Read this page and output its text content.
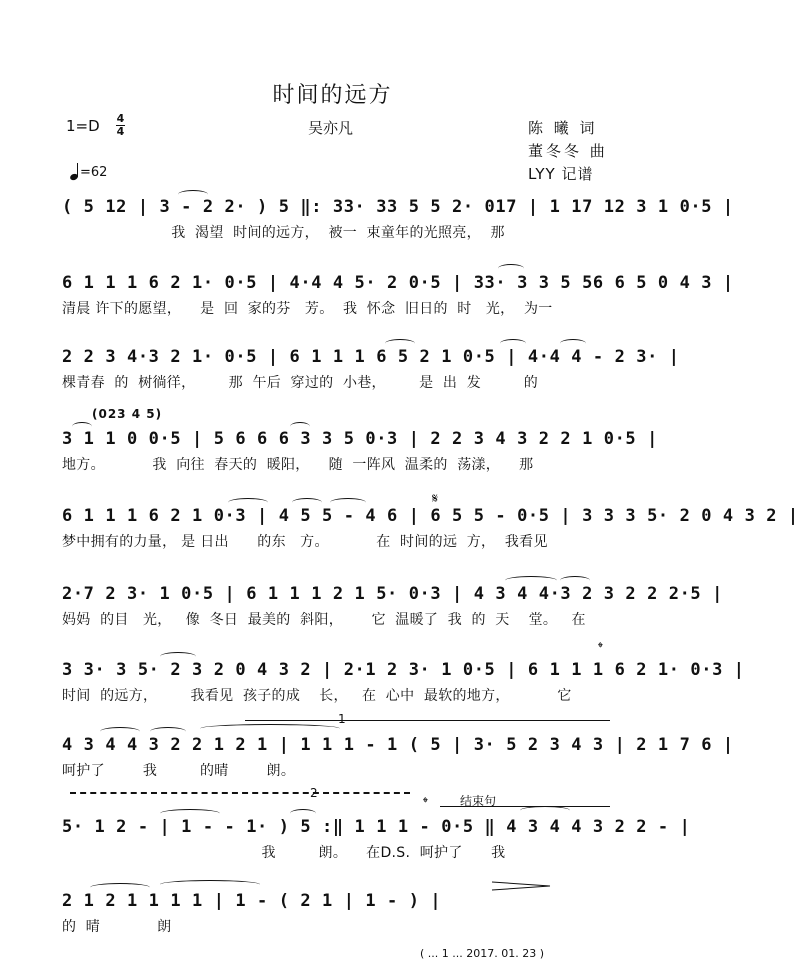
时间的远方
1=D 4
4	吴亦凡	陈 曦 词
董冬冬 曲
LYY 记谱
=62
( 5 12 | 3 - 2 2· ) 5 ‖: 33· 33 5 5 2· 017 | 1 17 12 3 1 0·5 |
我  渴望  时间的远方，  被一  束童年的光照亮，  那
6 1 1 1 6 2 1· 0·5 | 4·4 4 5· 2 0·5 | 33· 3 3 5 56 6 5 0 4 3 |
清晨 许下的愿望，    是  回  家的芬   芳。  我  怀念  旧日的  时   光，  为一
2 2 3 4·3 2 1· 0·5 | 6 1 1 1 6 5 2 1 0·5 | 4·4 4 - 2 3· |
棵青春  的  树徜徉，       那  午后  穿过的  小巷，       是  出  发         的
(023 4 5)
3 1 1 0 0·5 | 5 6 6 6 3 3 5 0·3 | 2 2 3 4 3 2 2 1 0·5 |
地方。          我  向往  春天的  暖阳，    随  一阵风  温柔的  荡漾，    那
𝄋
6 1 1 1 6 2 1 0·3 | 4 5 5 - 4 6 | 6 5 5 - 0·5 | 3 3 3 5· 2 0 4 3 2 |
梦中拥有的力量， 是 日出      的东   方。          在  时间的远  方，  我看见
2·7 2 3· 1 0·5 | 6 1 1 1 2 1 5· 0·3 | 4 3 4 4·3 2 3 2 2 2·5 |
妈妈  的目   光，   像  冬日  最美的  斜阳，      它  温暖了  我  的  天    堂。   在
𝄌
3 3· 3 5· 2 3 2 0 4 3 2 | 2·1 2 3· 1 0·5 | 6 1 1 1 6 2 1· 0·3 |
时间  的远方，       我看见  孩子的成    长，   在  心中  最软的地方，          它
1
4 3 4 4 3 2 2 1 2 1 | 1 1 1 - 1 ( 5 | 3· 5 2 3 4 3 | 2 1 7 6 |
呵护了        我         的晴        朗。
2
𝄌	结束句
5· 1 2 - | 1 - - 1· ) 5 :‖ 1 1 1 - 0·5 ‖ 4 3 4 4 3 2 2 - |
我         朗。    在D.S.  呵护了      我
2 1 2 1 1 1 1 | 1 - ( 2 1 | 1 - ) |
的  晴            朗
( ... 1 ... 2017. 01. 23 )
